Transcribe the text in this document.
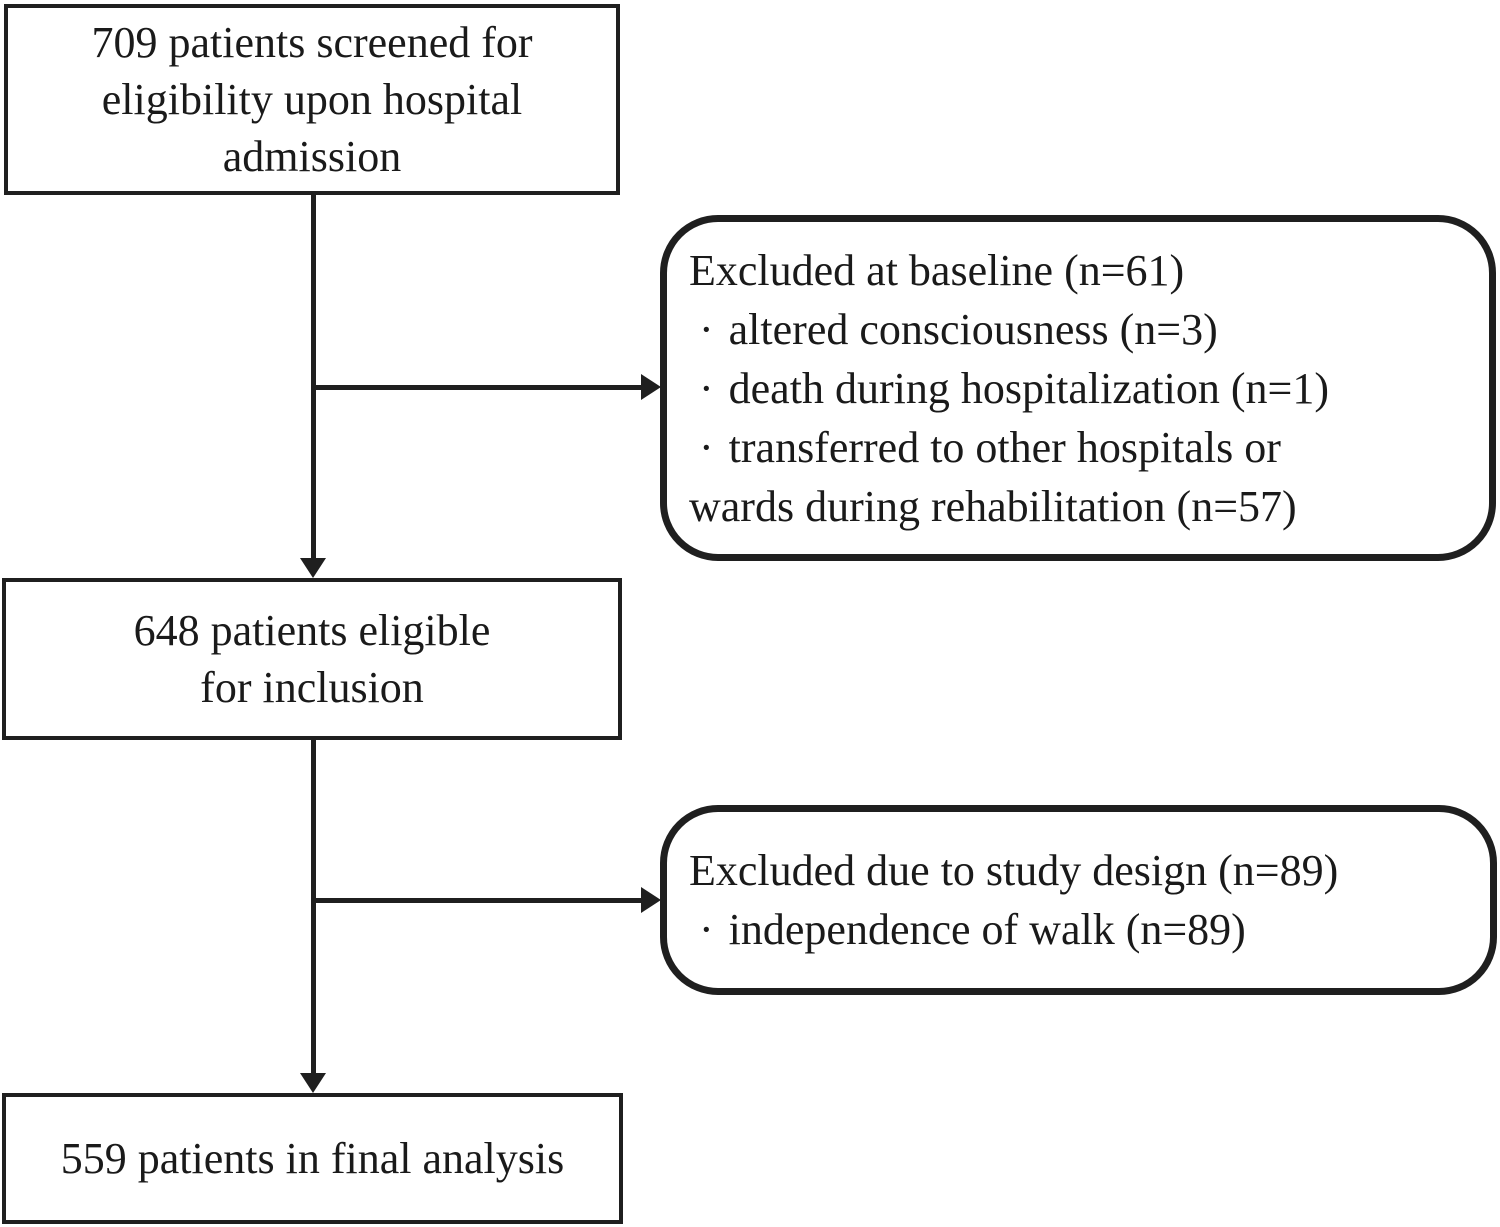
709 patients screened for
eligibility upon hospital
admission
Excluded at baseline (n=61)
· altered consciousness (n=3)
· death during hospitalization (n=1)
· transferred to other hospitals or
wards during rehabilitation (n=57)
648 patients eligible
for inclusion
Excluded due to study design (n=89)
· independence of walk (n=89)
559 patients in final analysis
